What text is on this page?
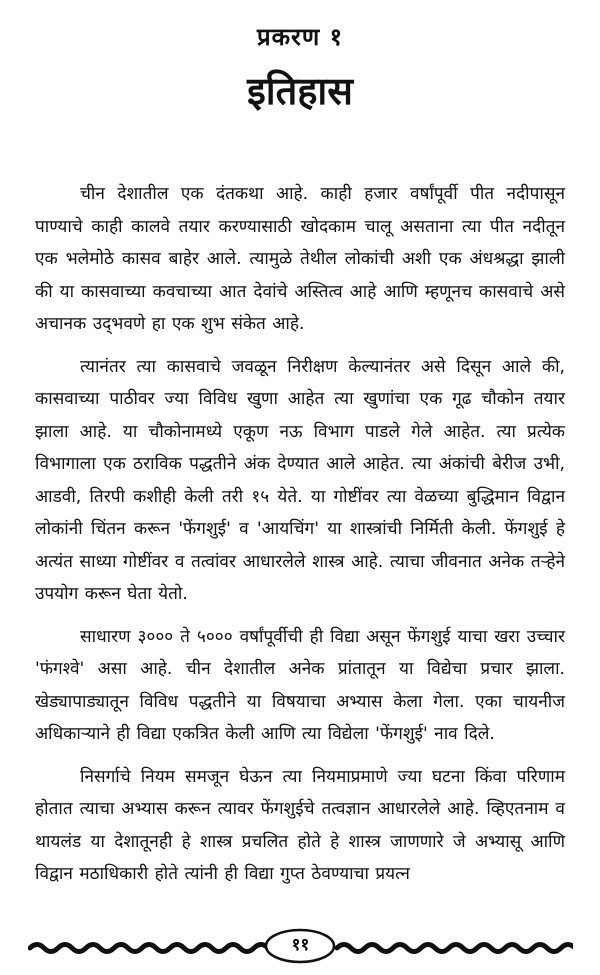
प्रकरण १
इतिहास

चीन देशातील एक दंतकथा आहे. काही हजार वर्षांपूर्वी पीत नदीपासून पाण्याचे काही कालवे तयार करण्यासाठी खोदकाम चालू असताना त्या पीत नदीतून एक भलेमोठे कासव बाहेर आले. त्यामुळे तेथील लोकांची अशी एक अंधश्रद्धा झाली की या कासवाच्या कवचाच्या आत देवांचे अस्तित्व आहे आणि म्हणूनच कासवाचे असे अचानक उद्‌भवणे हा एक शुभ संकेत आहे.

त्यानंतर त्या कासवाचे जवळून निरीक्षण केल्यानंतर असे दिसून आले की, कासवाच्या पाठीवर ज्या विविध खुणा आहेत त्या खुणांचा एक गूढ चौकोन तयार झाला आहे. या चौकोनामध्ये एकूण नऊ विभाग पाडले गेले आहेत. त्या प्रत्येक विभागाला एक ठराविक पद्धतीने अंक देण्यात आले आहेत. त्या अंकांची बेरीज उभी, आडवी, तिरपी कशीही केली तरी १५ येते. या गोष्टींवर त्या वेळच्या बुद्धिमान विद्वान लोकांनी चिंतन करून 'फेंगशुई' व 'आयचिंग' या शास्त्रांची निर्मिती केली. फेंगशुई हे अत्यंत साध्या गोष्टींवर व तत्वांवर आधारलेले शास्त्र आहे. त्याचा जीवनात अनेक तऱ्हेने उपयोग करून घेता येतो.

साधारण ३००० ते ५००० वर्षांपूर्वीची ही विद्या असून फेंगशुई याचा खरा उच्चार 'फंगश्वे' असा आहे. चीन देशातील अनेक प्रांतातून या विद्येचा प्रचार झाला. खेड्यापाड्यातून विविध पद्धतीने या विषयाचा अभ्यास केला गेला. एका चायनीज अधिकाऱ्याने ही विद्या एकत्रित केली आणि त्या विद्येला 'फेंगशुई' नाव दिले.

निसर्गाचे नियम समजून घेऊन त्या नियमाप्रमाणे ज्या घटना किंवा परिणाम होतात त्याचा अभ्यास करून त्यावर फेंगशुईचे तत्वज्ञान आधारलेले आहे. व्हिएतनाम व थायलंड या देशातूनही हे शास्त्र प्रचलित होते हे शास्त्र जाणणारे जे अभ्यासू आणि विद्वान मठाधिकारी होते त्यांनी ही विद्या गुप्त ठेवण्याचा प्रयत्न

११
